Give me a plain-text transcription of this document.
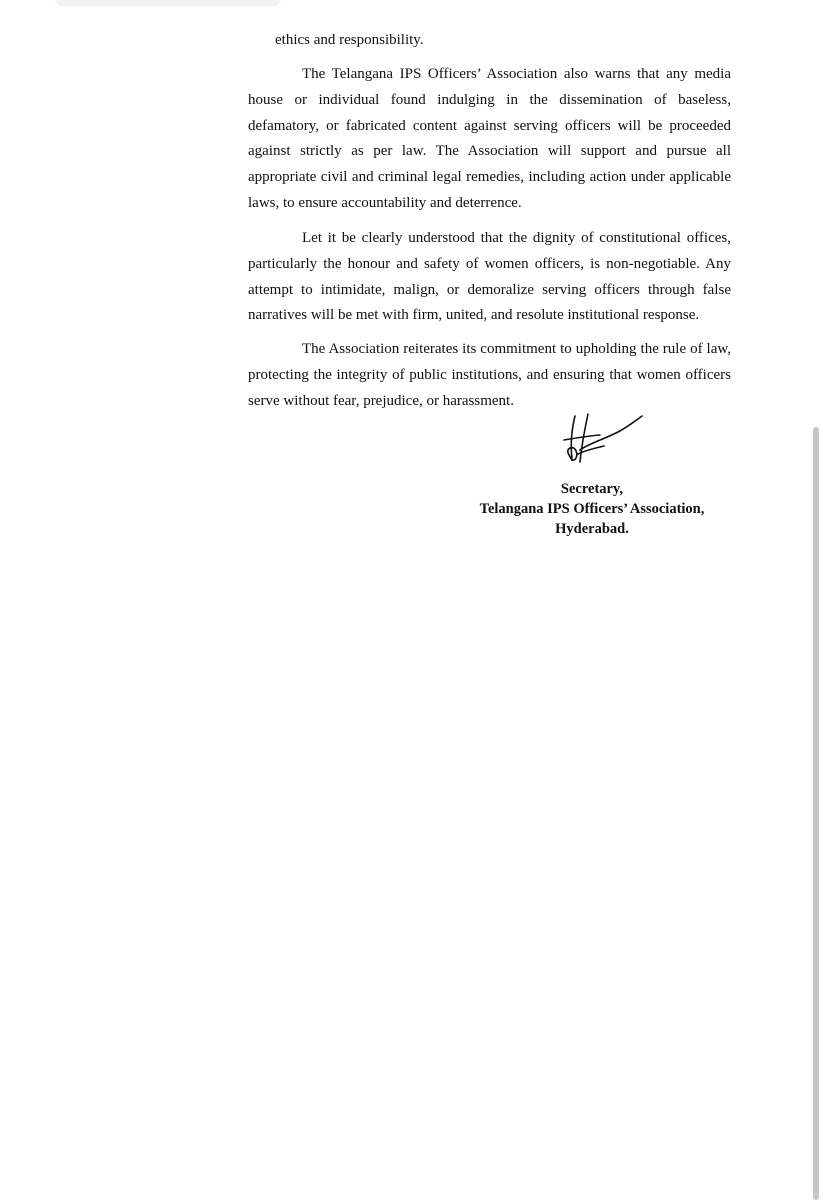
ethics and responsibility.

The Telangana IPS Officers’ Association also warns that any media house or individual found indulging in the dissemination of baseless, defamatory, or fabricated content against serving officers will be proceeded against strictly as per law. The Association will support and pursue all appropriate civil and criminal legal remedies, including action under applicable laws, to ensure accountability and deterrence.

Let it be clearly understood that the dignity of constitutional offices, particularly the honour and safety of women officers, is non-negotiable. Any attempt to intimidate, malign, or demoralize serving officers through false narratives will be met with firm, united, and resolute institutional response.

The Association reiterates its commitment to upholding the rule of law, protecting the integrity of public institutions, and ensuring that women officers serve without fear, prejudice, or harassment.

Secretary,
Telangana IPS Officers’ Association,
Hyderabad.
